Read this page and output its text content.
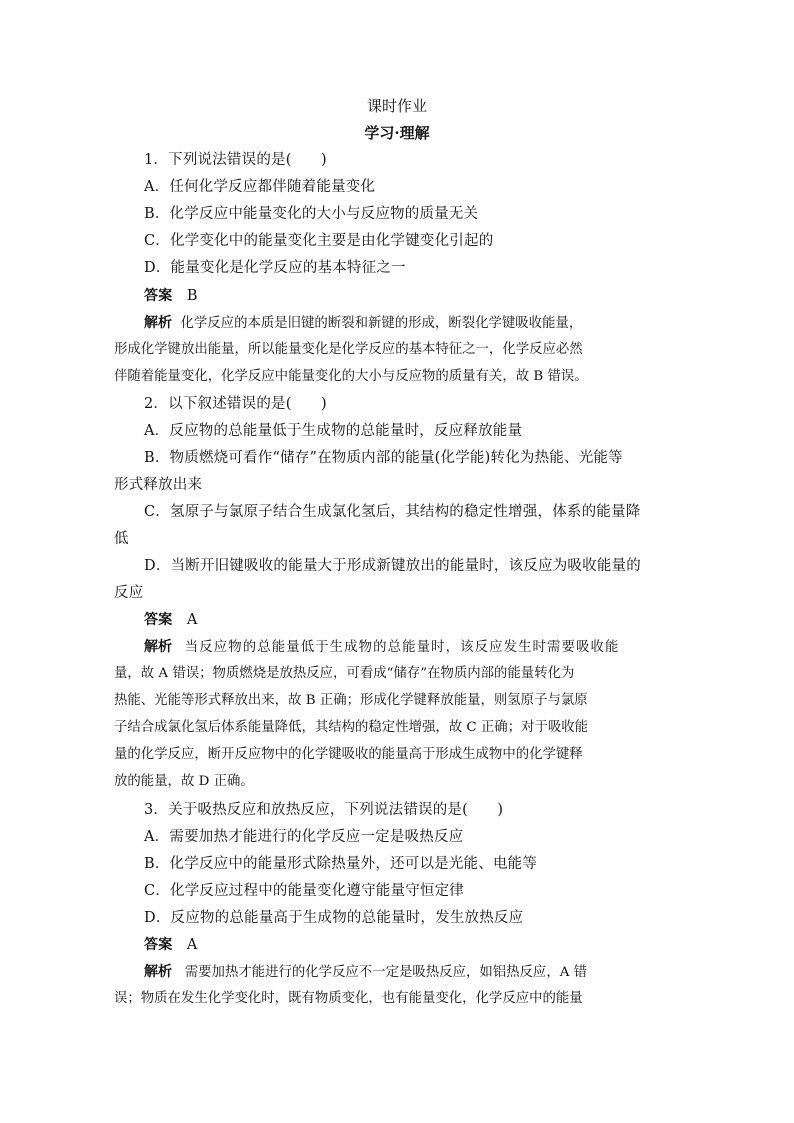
课时作业
学习·理解
1．下列说法错误的是(　　)
A．任何化学反应都伴随着能量变化
B．化学反应中能量变化的大小与反应物的质量无关
C．化学变化中的能量变化主要是由化学键变化引起的
D．能量变化是化学反应的基本特征之一
答案 B
解析 化学反应的本质是旧键的断裂和新键的形成，断裂化学键吸收能量，
形成化学键放出能量，所以能量变化是化学反应的基本特征之一，化学反应必然
伴随着能量变化，化学反应中能量变化的大小与反应物的质量有关，故 B 错误。
2．以下叙述错误的是(　　)
A．反应物的总能量低于生成物的总能量时，反应释放能量
B．物质燃烧可看作“储存”在物质内部的能量(化学能)转化为热能、光能等
形式释放出来
C．氢原子与氯原子结合生成氯化氢后，其结构的稳定性增强，体系的能量降
低
D．当断开旧键吸收的能量大于形成新键放出的能量时，该反应为吸收能量的
反应
答案 A
解析 当反应物的总能量低于生成物的总能量时，该反应发生时需要吸收能
量，故 A 错误；物质燃烧是放热反应，可看成“储存”在物质内部的能量转化为
热能、光能等形式释放出来，故 B 正确；形成化学键释放能量，则氢原子与氯原
子结合成氯化氢后体系能量降低，其结构的稳定性增强，故 C 正确；对于吸收能
量的化学反应，断开反应物中的化学键吸收的能量高于形成生成物中的化学键释
放的能量，故 D 正确。
3．关于吸热反应和放热反应，下列说法错误的是(　　)
A．需要加热才能进行的化学反应一定是吸热反应
B．化学反应中的能量形式除热量外，还可以是光能、电能等
C．化学反应过程中的能量变化遵守能量守恒定律
D．反应物的总能量高于生成物的总能量时，发生放热反应
答案 A
解析 需要加热才能进行的化学反应不一定是吸热反应，如铝热反应，A 错
误；物质在发生化学变化时，既有物质变化，也有能量变化，化学反应中的能量
